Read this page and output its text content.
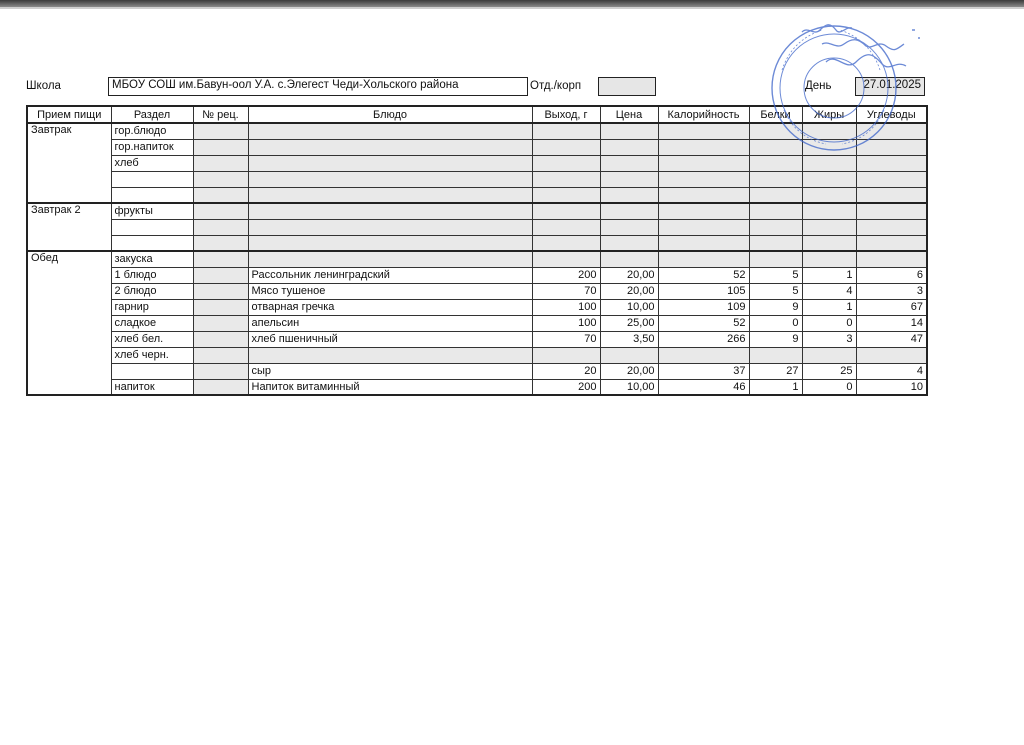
Школа	МБОУ СОШ им.Бавун-оол У.А. с.Элегест Чеди-Хольского района	Отд./корп	День	27.01.2025
Прием пищи	Раздел	№ рец.	Блюдо	Выход, г	Цена	Калорийность	Белки	Жиры	Углеводы
Завтрак	гор.блюдо								
	гор.напиток								
	хлеб								

Завтрак 2	фрукты								

Обед	закуска								
	1 блюдо		Рассольник ленинградский	200	20,00	52	5	1	6
	2 блюдо		Мясо тушеное	70	20,00	105	5	4	3
	гарнир		отварная гречка	100	10,00	109	9	1	67
	сладкое		апельсин	100	25,00	52	0	0	14
	хлеб бел.		хлеб пшеничный	70	3,50	266	9	3	47
	хлеб черн.								
			сыр	20	20,00	37	27	25	4
	напиток		Напиток витаминный	200	10,00	46	1	0	10
